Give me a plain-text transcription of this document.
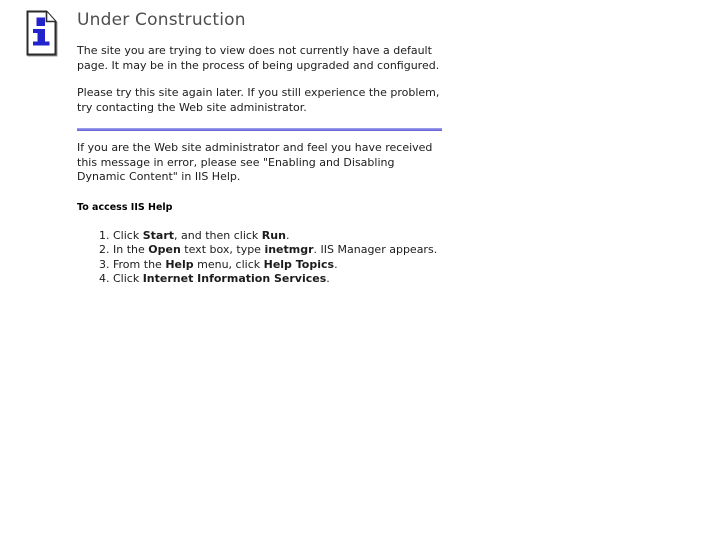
Under Construction

The site you are trying to view does not currently have a default page. It may be in the process of being upgraded and configured.

Please try this site again later. If you still experience the problem, try contacting the Web site administrator.

If you are the Web site administrator and feel you have received this message in error, please see "Enabling and Disabling Dynamic Content" in IIS Help.

To access IIS Help
1. Click Start, and then click Run.
2. In the Open text box, type inetmgr. IIS Manager appears.
3. From the Help menu, click Help Topics.
4. Click Internet Information Services.
